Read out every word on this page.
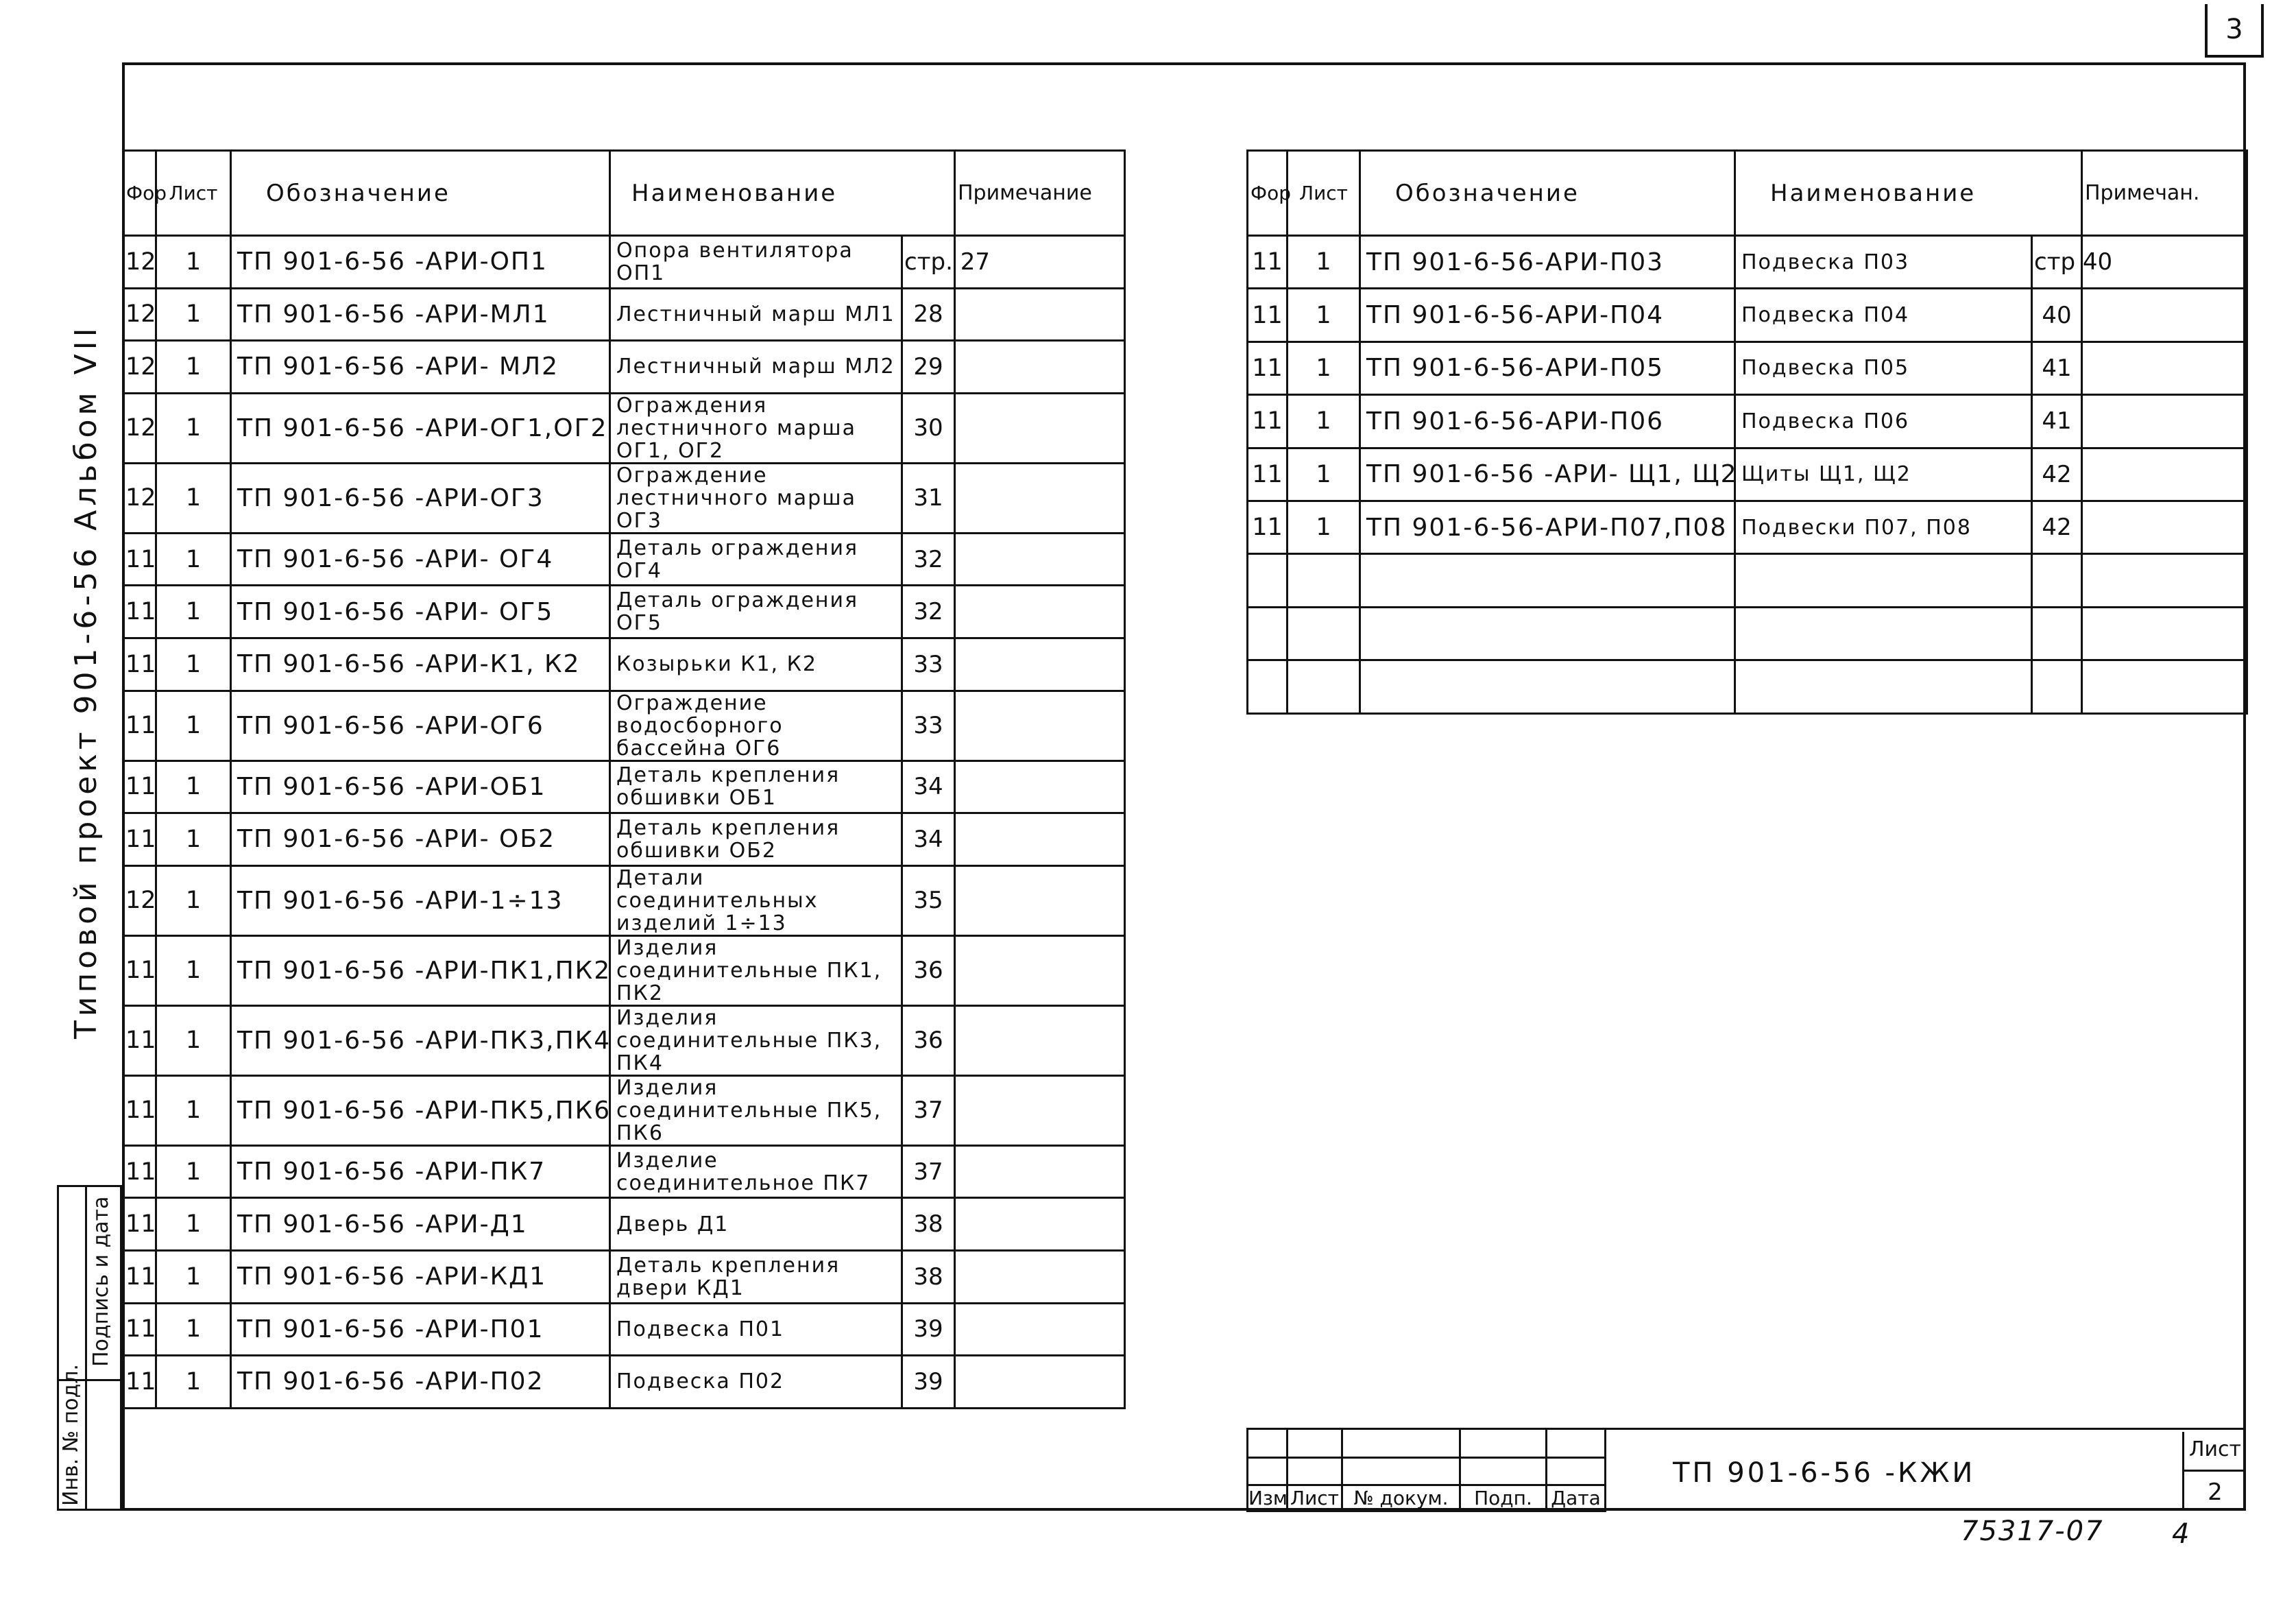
3
Типовой проект 901-6-56 Альбом VII
Инв. № подл.
Подпись и дата
Фор	Лист	Обозначение	Наименование		Примечание
12	1	ТП 901-6-56 -АРИ-ОП1	Опора вентилятора ОП1	стр. 27	
12	1	ТП 901-6-56 -АРИ-МЛ1	Лестничный марш МЛ1	28	
12	1	ТП 901-6-56 -АРИ- МЛ2	Лестничный марш МЛ2	29	
12	1	ТП 901-6-56 -АРИ-ОГ1,ОГ2	Ограждения лестничного марша ОГ1, ОГ2	30	
12	1	ТП 901-6-56 -АРИ-ОГ3	Ограждение лестничного марша ОГ3	31	
11	1	ТП 901-6-56 -АРИ- ОГ4	Деталь ограждения ОГ4	32	
11	1	ТП 901-6-56 -АРИ- ОГ5	Деталь ограждения ОГ5	32	
11	1	ТП 901-6-56 -АРИ-К1, К2	Козырьки К1, К2	33	
11	1	ТП 901-6-56 -АРИ-ОГ6	Ограждение водосборного бассейна ОГ6	33	
11	1	ТП 901-6-56 -АРИ-ОБ1	Деталь крепления обшивки ОБ1	34	
11	1	ТП 901-6-56 -АРИ- ОБ2	Деталь крепления обшивки ОБ2	34	
12	1	ТП 901-6-56 -АРИ-1÷13	Детали соединительных изделий 1÷13	35	
11	1	ТП 901-6-56 -АРИ-ПК1,ПК2	Изделия соединительные ПК1, ПК2	36	
11	1	ТП 901-6-56 -АРИ-ПК3,ПК4	Изделия соединительные ПК3, ПК4	36	
11	1	ТП 901-6-56 -АРИ-ПК5,ПК6	Изделия соединительные ПК5, ПК6	37	
11	1	ТП 901-6-56 -АРИ-ПК7	Изделие соединительное ПК7	37	
11	1	ТП 901-6-56 -АРИ-Д1	Дверь Д1	38	
11	1	ТП 901-6-56 -АРИ-КД1	Деталь крепления двери КД1	38	
11	1	ТП 901-6-56 -АРИ-П01	Подвеска П01	39	
11	1	ТП 901-6-56 -АРИ-П02	Подвеска П02	39	
Фор	Лист	Обозначение	Наименование		Примечан.
11	1	ТП 901-6-56-АРИ-П03	Подвеска П03	стр 40	
11	1	ТП 901-6-56-АРИ-П04	Подвеска П04	40	
11	1	ТП 901-6-56-АРИ-П05	Подвеска П05	41	
11	1	ТП 901-6-56-АРИ-П06	Подвеска П06	41	
11	1	ТП 901-6-56 -АРИ- Щ1, Щ2	Щиты Щ1, Щ2	42	
11	1	ТП 901-6-56-АРИ-П07,П08	Подвески П07, П08	42	

Изм	Лист	№ докум.	Подп.	Дата
ТП 901-6-56 -КЖИ
Лист
2
75317-07 4
